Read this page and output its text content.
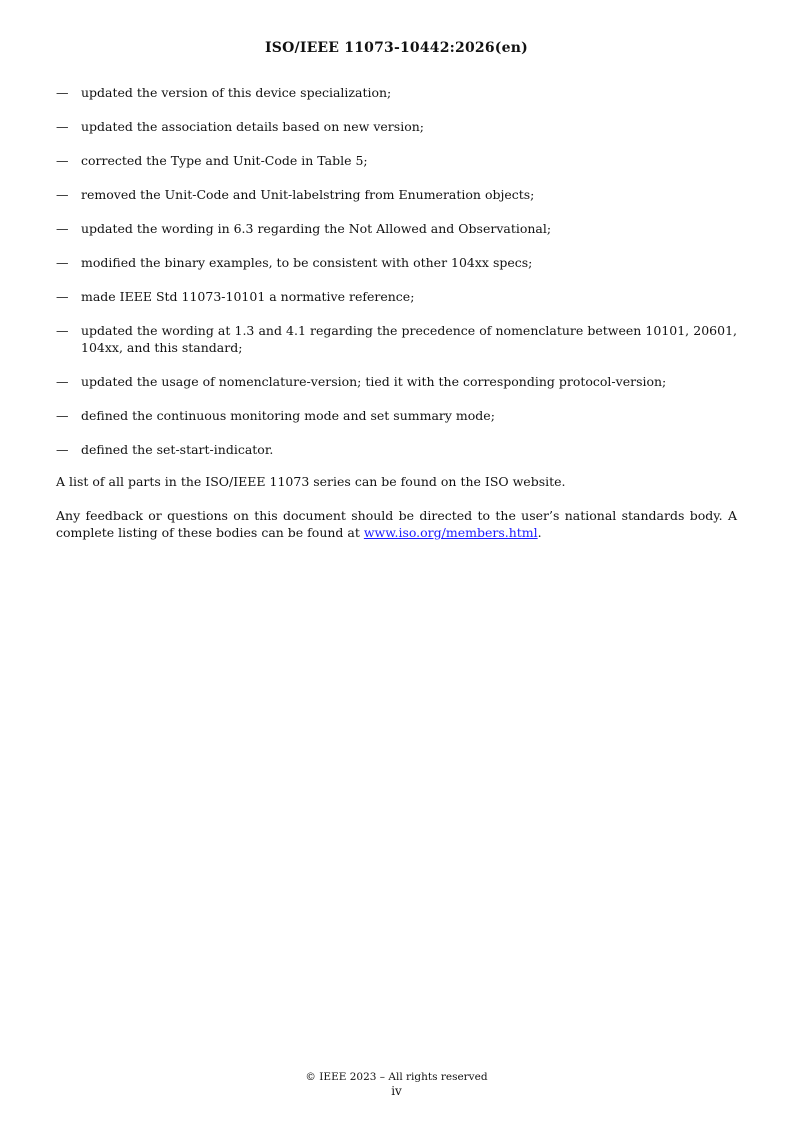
ISO/IEEE 11073-10442:2026(en)
— updated the version of this device specialization;
— updated the association details based on new version;
— corrected the Type and Unit-Code in Table 5;
— removed the Unit-Code and Unit-labelstring from Enumeration objects;
— updated the wording in 6.3 regarding the Not Allowed and Observational;
— modified the binary examples, to be consistent with other 104xx specs;
— made IEEE Std 11073-10101 a normative reference;
— updated the wording at 1.3 and 4.1 regarding the precedence of nomenclature between 10101, 20601, 104xx, and this standard;
— updated the usage of nomenclature-version; tied it with the corresponding protocol-version;
— defined the continuous monitoring mode and set summary mode;
— defined the set-start-indicator.

A list of all parts in the ISO/IEEE 11073 series can be found on the ISO website.

Any feedback or questions on this document should be directed to the user’s national standards body. A complete listing of these bodies can be found at www.iso.org/members.html.

© IEEE 2023 – All rights reserved
iv
